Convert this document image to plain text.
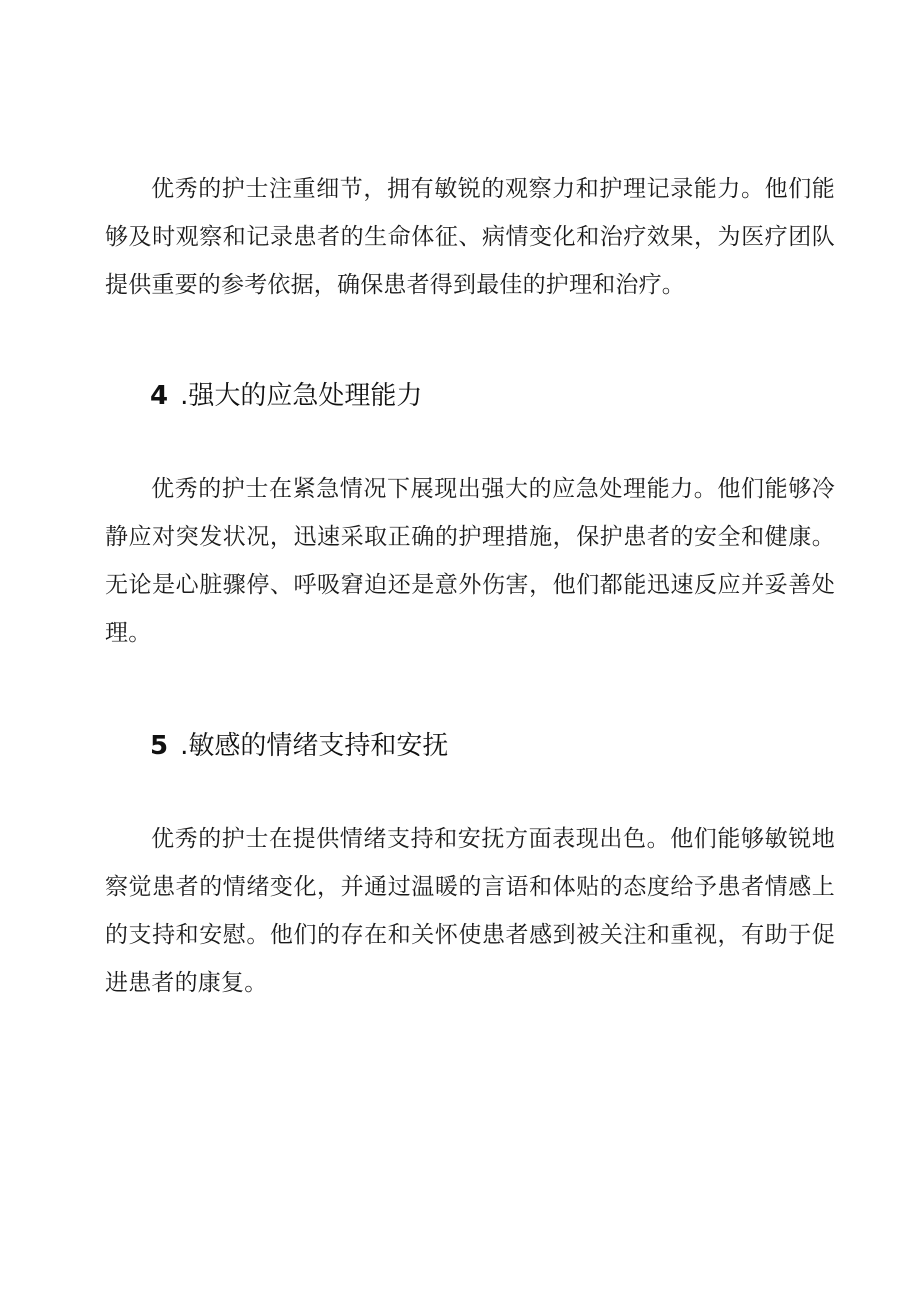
优秀的护士注重细节，拥有敏锐的观察力和护理记录能力。他们能够及时观察和记录患者的生命体征、病情变化和治疗效果，为医疗团队提供重要的参考依据，确保患者得到最佳的护理和治疗。

4 .强大的应急处理能力

优秀的护士在紧急情况下展现出强大的应急处理能力。他们能够冷静应对突发状况，迅速采取正确的护理措施，保护患者的安全和健康。无论是心脏骤停、呼吸窘迫还是意外伤害，他们都能迅速反应并妥善处理。

5 .敏感的情绪支持和安抚

优秀的护士在提供情绪支持和安抚方面表现出色。他们能够敏锐地察觉患者的情绪变化，并通过温暖的言语和体贴的态度给予患者情感上的支持和安慰。他们的存在和关怀使患者感到被关注和重视，有助于促进患者的康复。
